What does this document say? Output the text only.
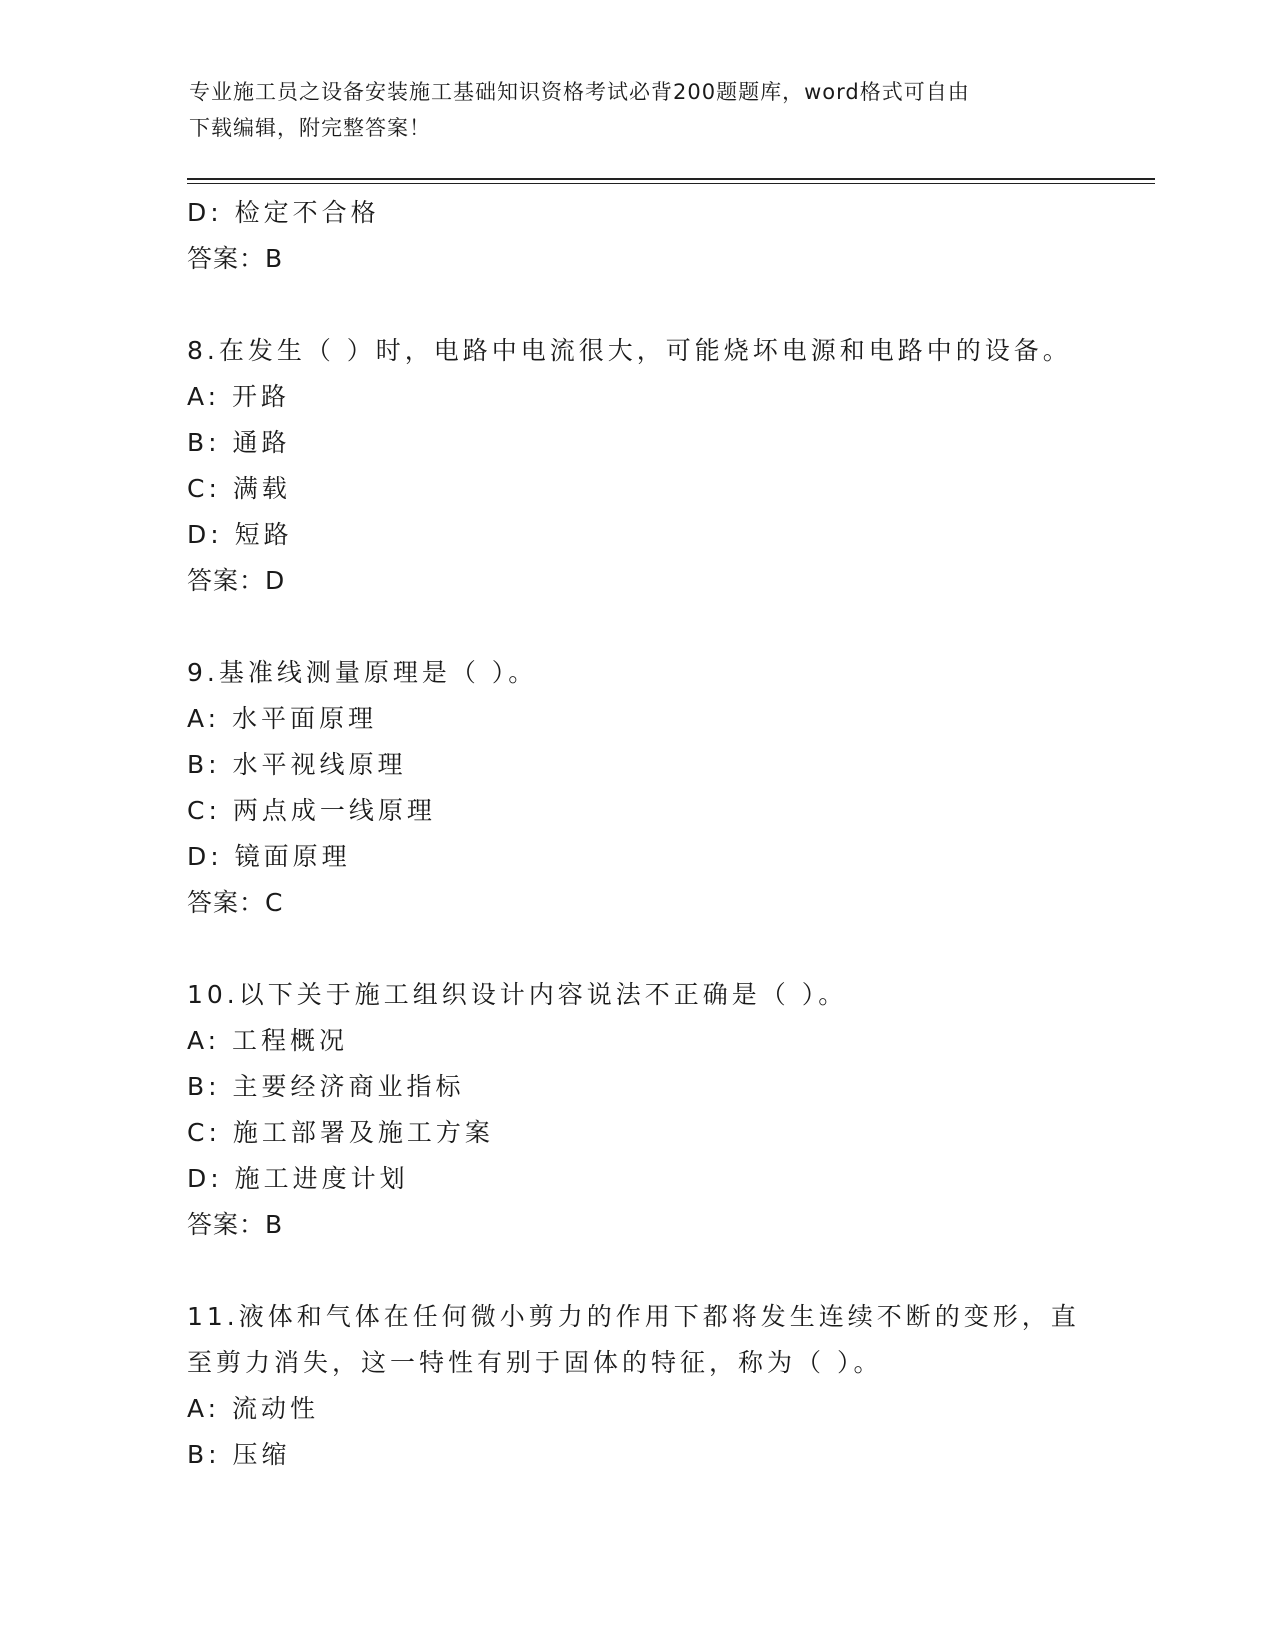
专业施工员之设备安装施工基础知识资格考试必背200题题库，word格式可自由
下载编辑，附完整答案！
D: 检定不合格
答案：B
8.在发生（ ）时，电路中电流很大，可能烧坏电源和电路中的设备。
A: 开路
B: 通路
C: 满载
D: 短路
答案：D
9.基准线测量原理是（ ）。
A: 水平面原理
B: 水平视线原理
C: 两点成一线原理
D: 镜面原理
答案：C
10.以下关于施工组织设计内容说法不正确是（ ）。
A: 工程概况
B: 主要经济商业指标
C: 施工部署及施工方案
D: 施工进度计划
答案：B
11.液体和气体在任何微小剪力的作用下都将发生连续不断的变形，直
至剪力消失，这一特性有别于固体的特征，称为（ ）。
A: 流动性
B: 压缩
